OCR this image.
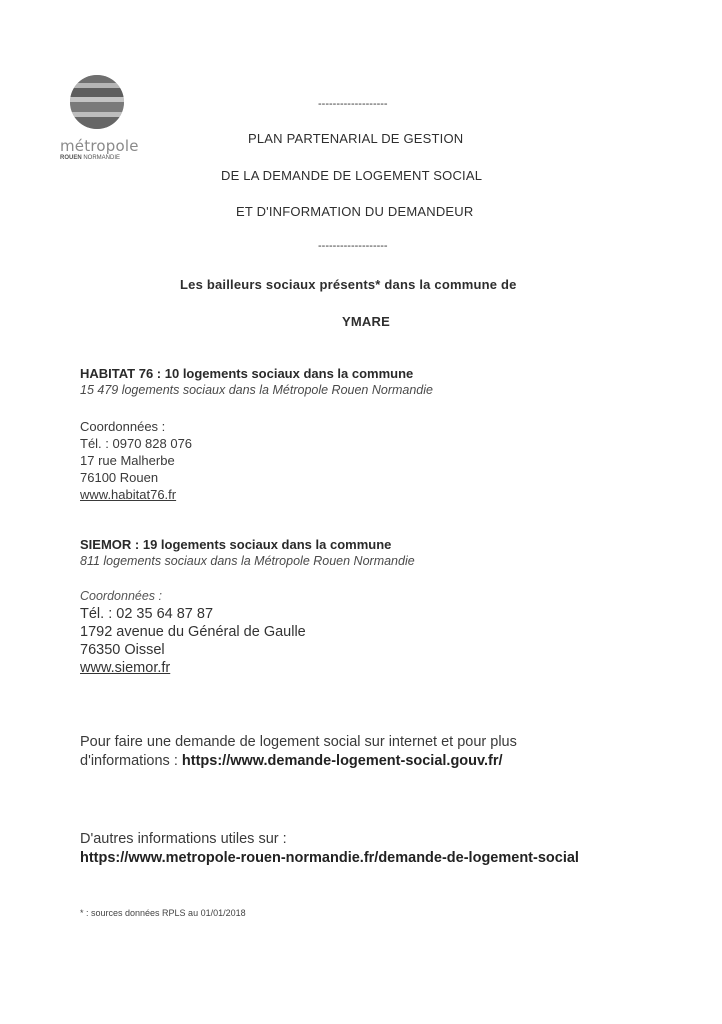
métropole
ROUEN NORMANDIE
-------------------
PLAN PARTENARIAL DE GESTION
DE LA DEMANDE DE LOGEMENT SOCIAL
ET D'INFORMATION DU DEMANDEUR
-------------------
Les bailleurs sociaux présents* dans la commune de
YMARE
HABITAT 76 : 10 logements sociaux dans la commune
15 479 logements sociaux dans la Métropole Rouen Normandie
Coordonnées :
Tél. : 0970 828 076
17 rue Malherbe
76100 Rouen
www.habitat76.fr
SIEMOR : 19 logements sociaux dans la commune
811 logements sociaux dans la Métropole Rouen Normandie
Coordonnées :
Tél. : 02 35 64 87 87
1792 avenue du Général de Gaulle
76350 Oissel
www.siemor.fr
Pour faire une demande de logement social sur internet et pour plus
d'informations : https://www.demande-logement-social.gouv.fr/
D'autres informations utiles sur :
https://www.metropole-rouen-normandie.fr/demande-de-logement-social
* : sources données RPLS au 01/01/2018
